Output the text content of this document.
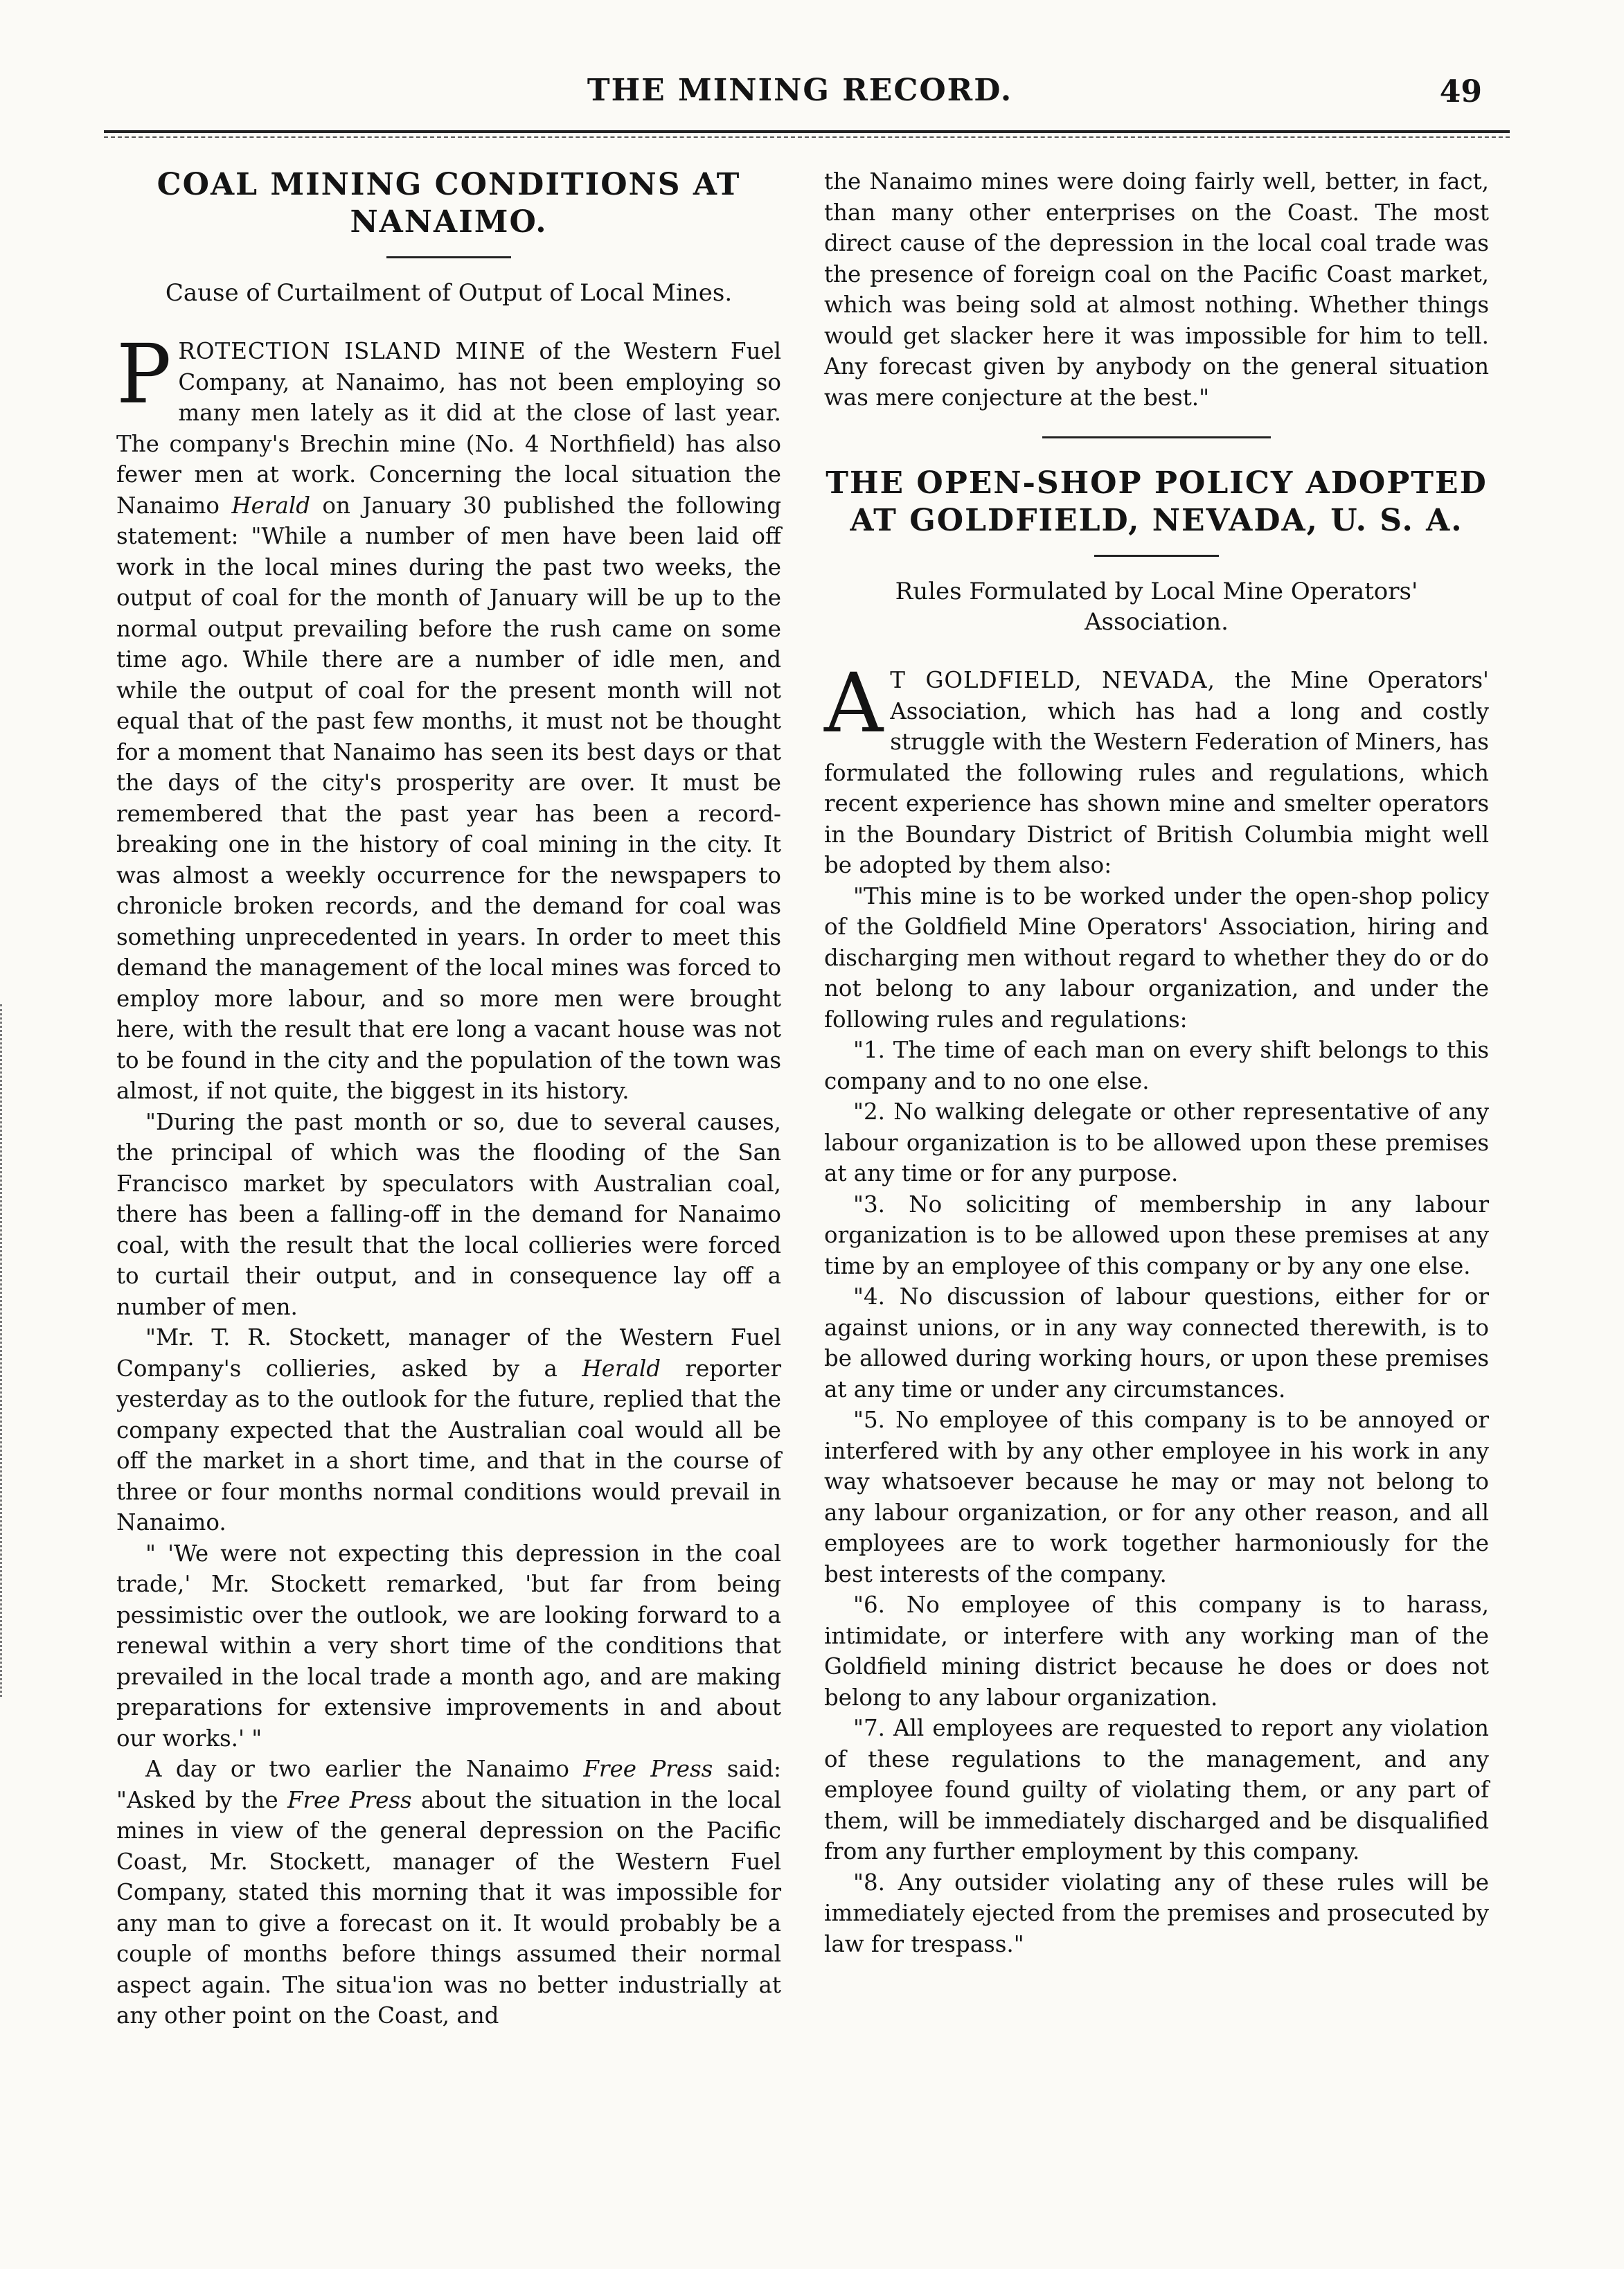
THE MINING RECORD.	49
COAL MINING CONDITIONS AT NANAIMO.
Cause of Curtailment of Output of Local Mines.

PROTECTION ISLAND MINE of the Western Fuel Company, at Nanaimo, has not been employing so many men lately as it did at the close of last year. The company's Brechin mine (No. 4 Northfield) has also fewer men at work. Concerning the local situation the Nanaimo Herald on January 30 published the following statement: "While a number of men have been laid off work in the local mines during the past two weeks, the output of coal for the month of January will be up to the normal output prevailing before the rush came on some time ago. While there are a number of idle men, and while the output of coal for the present month will not equal that of the past few months, it must not be thought for a moment that Nanaimo has seen its best days or that the days of the city's prosperity are over. It must be remembered that the past year has been a record-breaking one in the history of coal mining in the city. It was almost a weekly occurrence for the newspapers to chronicle broken records, and the demand for coal was something unprecedented in years. In order to meet this demand the management of the local mines was forced to employ more labour, and so more men were brought here, with the result that ere long a vacant house was not to be found in the city and the population of the town was almost, if not quite, the biggest in its history.

"During the past month or so, due to several causes, the principal of which was the flooding of the San Francisco market by speculators with Australian coal, there has been a falling-off in the demand for Nanaimo coal, with the result that the local collieries were forced to curtail their output, and in consequence lay off a number of men.

"Mr. T. R. Stockett, manager of the Western Fuel Company's collieries, asked by a Herald reporter yesterday as to the outlook for the future, replied that the company expected that the Australian coal would all be off the market in a short time, and that in the course of three or four months normal conditions would prevail in Nanaimo.

" 'We were not expecting this depression in the coal trade,' Mr. Stockett remarked, 'but far from being pessimistic over the outlook, we are looking forward to a renewal within a very short time of the conditions that prevailed in the local trade a month ago, and are making preparations for extensive improvements in and about our works.' "

A day or two earlier the Nanaimo Free Press said: "Asked by the Free Press about the situation in the local mines in view of the general depression on the Pacific Coast, Mr. Stockett, manager of the Western Fuel Company, stated this morning that it was impossible for any man to give a forecast on it. It would probably be a couple of months before things assumed their normal aspect again. The situa'ion was no better industrially at any other point on the Coast, and

the Nanaimo mines were doing fairly well, better, in fact, than many other enterprises on the Coast. The most direct cause of the depression in the local coal trade was the presence of foreign coal on the Pacific Coast market, which was being sold at almost nothing. Whether things would get slacker here it was impossible for him to tell. Any forecast given by anybody on the general situation was mere conjecture at the best."

THE OPEN-SHOP POLICY ADOPTED AT GOLDFIELD, NEVADA, U. S. A.
Rules Formulated by Local Mine Operators' Association.

A T GOLDFIELD, NEVADA, the Mine Operators' Association, which has had a long and costly struggle with the Western Federation of Miners, has formulated the following rules and regulations, which recent experience has shown mine and smelter operators in the Boundary District of British Columbia might well be adopted by them also:

"This mine is to be worked under the open-shop policy of the Goldfield Mine Operators' Association, hiring and discharging men without regard to whether they do or do not belong to any labour organization, and under the following rules and regulations:

"1. The time of each man on every shift belongs to this company and to no one else.

"2. No walking delegate or other representative of any labour organization is to be allowed upon these premises at any time or for any purpose.

"3. No soliciting of membership in any labour organization is to be allowed upon these premises at any time by an employee of this company or by any one else.

"4. No discussion of labour questions, either for or against unions, or in any way connected therewith, is to be allowed during working hours, or upon these premises at any time or under any circumstances.

"5. No employee of this company is to be annoyed or interfered with by any other employee in his work in any way whatsoever because he may or may not belong to any labour organization, or for any other reason, and all employees are to work together harmoniously for the best interests of the company.

"6. No employee of this company is to harass, intimidate, or interfere with any working man of the Goldfield mining district because he does or does not belong to any labour organization.

"7. All employees are requested to report any violation of these regulations to the management, and any employee found guilty of violating them, or any part of them, will be immediately discharged and be disqualified from any further employment by this company.

"8. Any outsider violating any of these rules will be immediately ejected from the premises and prosecuted by law for trespass."
